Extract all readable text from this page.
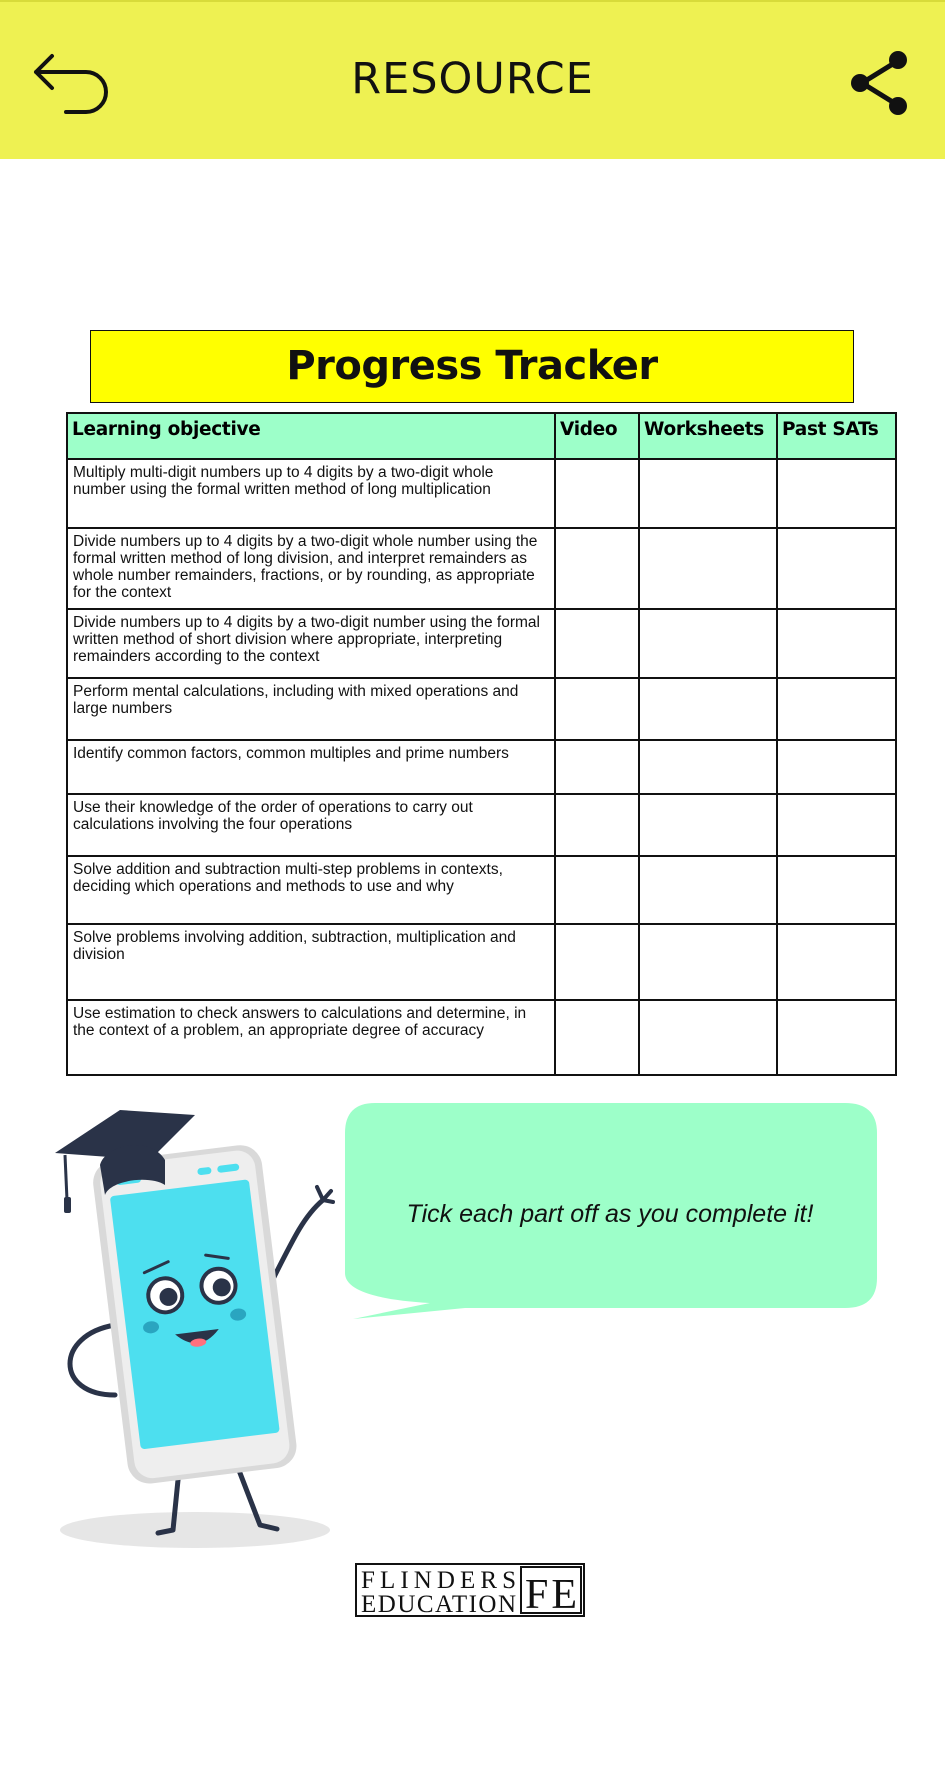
RESOURCE
Progress Tracker
Learning objective	Video	Worksheets	Past SATs
Multiply multi-digit numbers up to 4 digits by a two-digit whole number using the formal written method of long multiplication			
Divide numbers up to 4 digits by a two-digit whole number using the formal written method of long division, and interpret remainders as whole number remainders, fractions, or by rounding, as appropriate for the context			
Divide numbers up to 4 digits by a two-digit number using the formal written method of short division where appropriate, interpreting remainders according to the context			
Perform mental calculations, including with mixed operations and large numbers			
Identify common factors, common multiples and prime numbers			
Use their knowledge of the order of operations to carry out calculations involving the four operations			
Solve addition and subtraction multi-step problems in contexts, deciding which operations and methods to use and why			
Solve problems involving addition, subtraction, multiplication and division			
Use estimation to check answers to calculations and determine, in the context of a problem, an appropriate degree of accuracy			
Tick each part off as you complete it!
FLINDERS
EDUCATION FE
